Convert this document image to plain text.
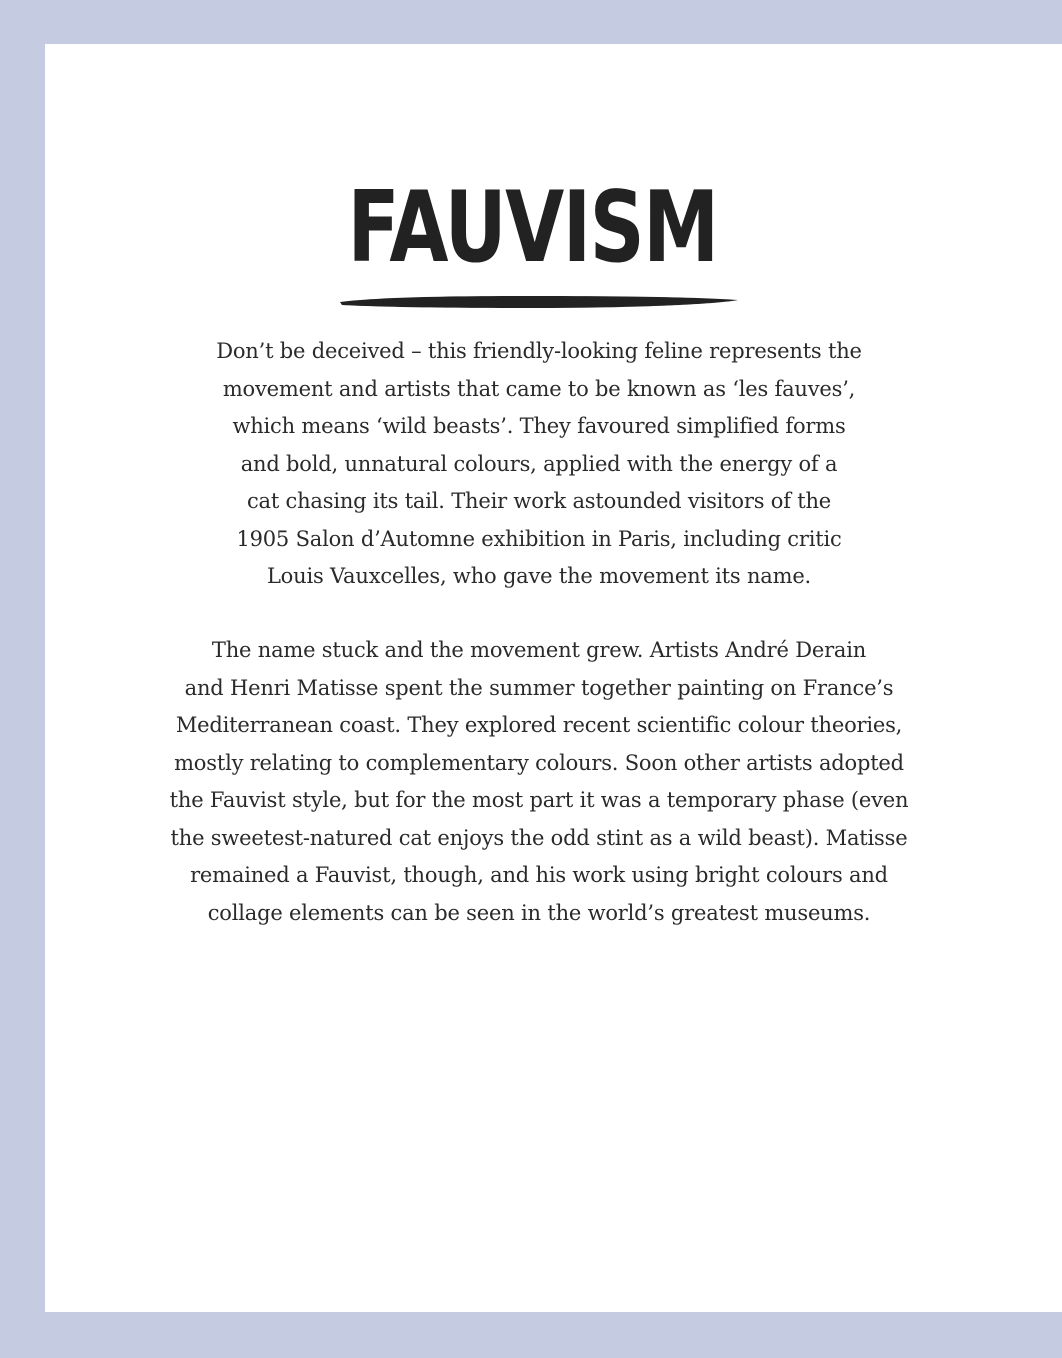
FAUVISM
Don’t be deceived – this friendly-looking feline represents the
movement and artists that came to be known as ‘les fauves’,
which means ‘wild beasts’. They favoured simplified forms
and bold, unnatural colours, applied with the energy of a
cat chasing its tail. Their work astounded visitors of the
1905 Salon d’Automne exhibition in Paris, including critic
Louis Vauxcelles, who gave the movement its name.
The name stuck and the movement grew. Artists André Derain
and Henri Matisse spent the summer together painting on France’s
Mediterranean coast. They explored recent scientific colour theories,
mostly relating to complementary colours. Soon other artists adopted
the Fauvist style, but for the most part it was a temporary phase (even
the sweetest-natured cat enjoys the odd stint as a wild beast). Matisse
remained a Fauvist, though, and his work using bright colours and
collage elements can be seen in the world’s greatest museums.
